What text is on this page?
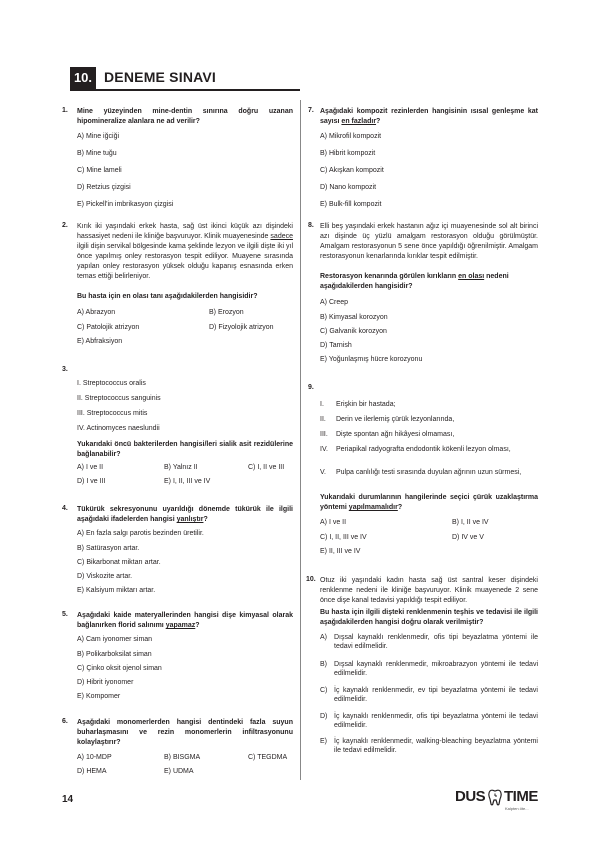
10. DENEME SINAVI
1. Mine yüzeyinden mine-dentin sınırına doğru uzanan hipomineralize alanlara ne ad verilir?
A) Mine iğciği
B) Mine tuğu
C) Mine lameli
D) Retzius çizgisi
E) Pickell'in imbrikasyon çizgisi
2. Kırık iki yaşındaki erkek hasta, sağ üst ikinci küçük azı dişindeki hassasiyet nedeni ile kliniğe başvuruyor. Klinik muayenesinde sadece ilgili dişin servikal bölgesinde kama şeklinde lezyon ve ilgili dişte iki yıl önce yapılmış onley restorasyon tespit ediliyor. Muayene sırasında yapılan onley restorasyon yüksek olduğu kapanış esnasında erken temas ettiği belirleniyor.
Bu hasta için en olası tanı aşağıdakilerden hangisidir?
A) Abrazyon	B) Erozyon
C) Patolojik atrizyon	D) Fizyolojik atrizyon
E) Abfraksiyon
3.
I. Streptococcus oralis
II. Streptococcus sanguinis
III. Streptococcus mitis
IV. Actinomyces naeslundii
Yukarıdaki öncü bakterilerden hangisi/leri sialik asit rezidülerine bağlanabilir?
A) I ve II	B) Yalnız II	C) I, II ve III
D) I ve III	E) I, II, III ve IV
4. Tükürük sekresyonunu uyarıldığı dönemde tükürük ile ilgili aşağıdaki ifadelerden hangisi yanlıştır?
A) En fazla salgı parotis bezinden üretilir.
B) Satürasyon artar.
C) Bikarbonat miktarı artar.
D) Viskozite artar.
E) Kalsiyum miktarı artar.
5. Aşağıdaki kaide materyallerinden hangisi dişe kimyasal olarak bağlanırken florid salınımı yapamaz?
A) Cam iyonomer siman
B) Polikarboksilat siman
C) Çinko oksit ojenol siman
D) Hibrit iyonomer
E) Kompomer
6. Aşağıdaki monomerlerden hangisi dentindeki fazla suyun buharlaşmasını ve rezin monomerlerin infiltrasyonunu kolaylaştırır?
A) 10-MDP	B) BISGMA	C) TEGDMA
D) HEMA	E) UDMA
7. Aşağıdaki kompozit rezinlerden hangisinin ısısal genleşme kat sayısı en fazladır?
A) Mikrofil kompozit
B) Hibrit kompozit
C) Akışkan kompozit
D) Nano kompozit
E) Bulk-fill kompozit
8. Elli beş yaşındaki erkek hastanın ağız içi muayenesinde sol alt birinci azı dişinde üç yüzlü amalgam restorasyon olduğu görülmüştür. Amalgam restorasyonun 5 sene önce yapıldığı öğrenilmiştir. Amalgam restorasyonun kenarlarında kırıklar tespit edilmiştir.
Restorasyon kenarında görülen kırıkların en olası nedeni aşağıdakilerden hangisidir?
A) Creep
B) Kimyasal korozyon
C) Galvanik korozyon
D) Tarnish
E) Yoğunlaşmış hücre korozyonu
9.
I. Erişkin bir hastada;
II. Derin ve ilerlemiş çürük lezyonlarında,
III. Dişte spontan ağrı hikâyesi olmaması,
IV. Periapikal radyografta endodontik kökenli lezyon olması,
V. Pulpa canlılığı testi sırasında duyulan ağrının uzun sürmesi,
Yukarıdaki durumlarının hangilerinde seçici çürük uzaklaştırma yöntemi yapılmamalıdır?
A) I ve II	B) I, II ve IV
C) I, II, III ve IV	D) IV ve V
E) II, III ve IV
10. Otuz iki yaşındaki kadın hasta sağ üst santral keser dişindeki renklenme nedeni ile kliniğe başvuruyor. Klinik muayenede 2 sene önce dişe kanal tedavisi yapıldığı tespit ediliyor.
Bu hasta için ilgili dişteki renklenmenin teşhis ve tedavisi ile ilgili aşağıdakilerden hangisi doğru olarak verilmiştir?
A) Dışsal kaynaklı renklenmedir, ofis tipi beyazlatma yöntemi ile tedavi edilmelidir.
B) Dışsal kaynaklı renklenmedir, mikroabrazyon yöntemi ile tedavi edilmelidir.
C) İç kaynaklı renklenmedir, ev tipi beyazlatma yöntemi ile tedavi edilmelidir.
D) İç kaynaklı renklenmedir, ofis tipi beyazlatma yöntemi ile tedavi edilmelidir.
E) İç kaynaklı renklenmedir, walking-bleaching beyazlatma yöntemi ile tedavi edilmelidir.
14	DUS TIME
Kalpten öte...
